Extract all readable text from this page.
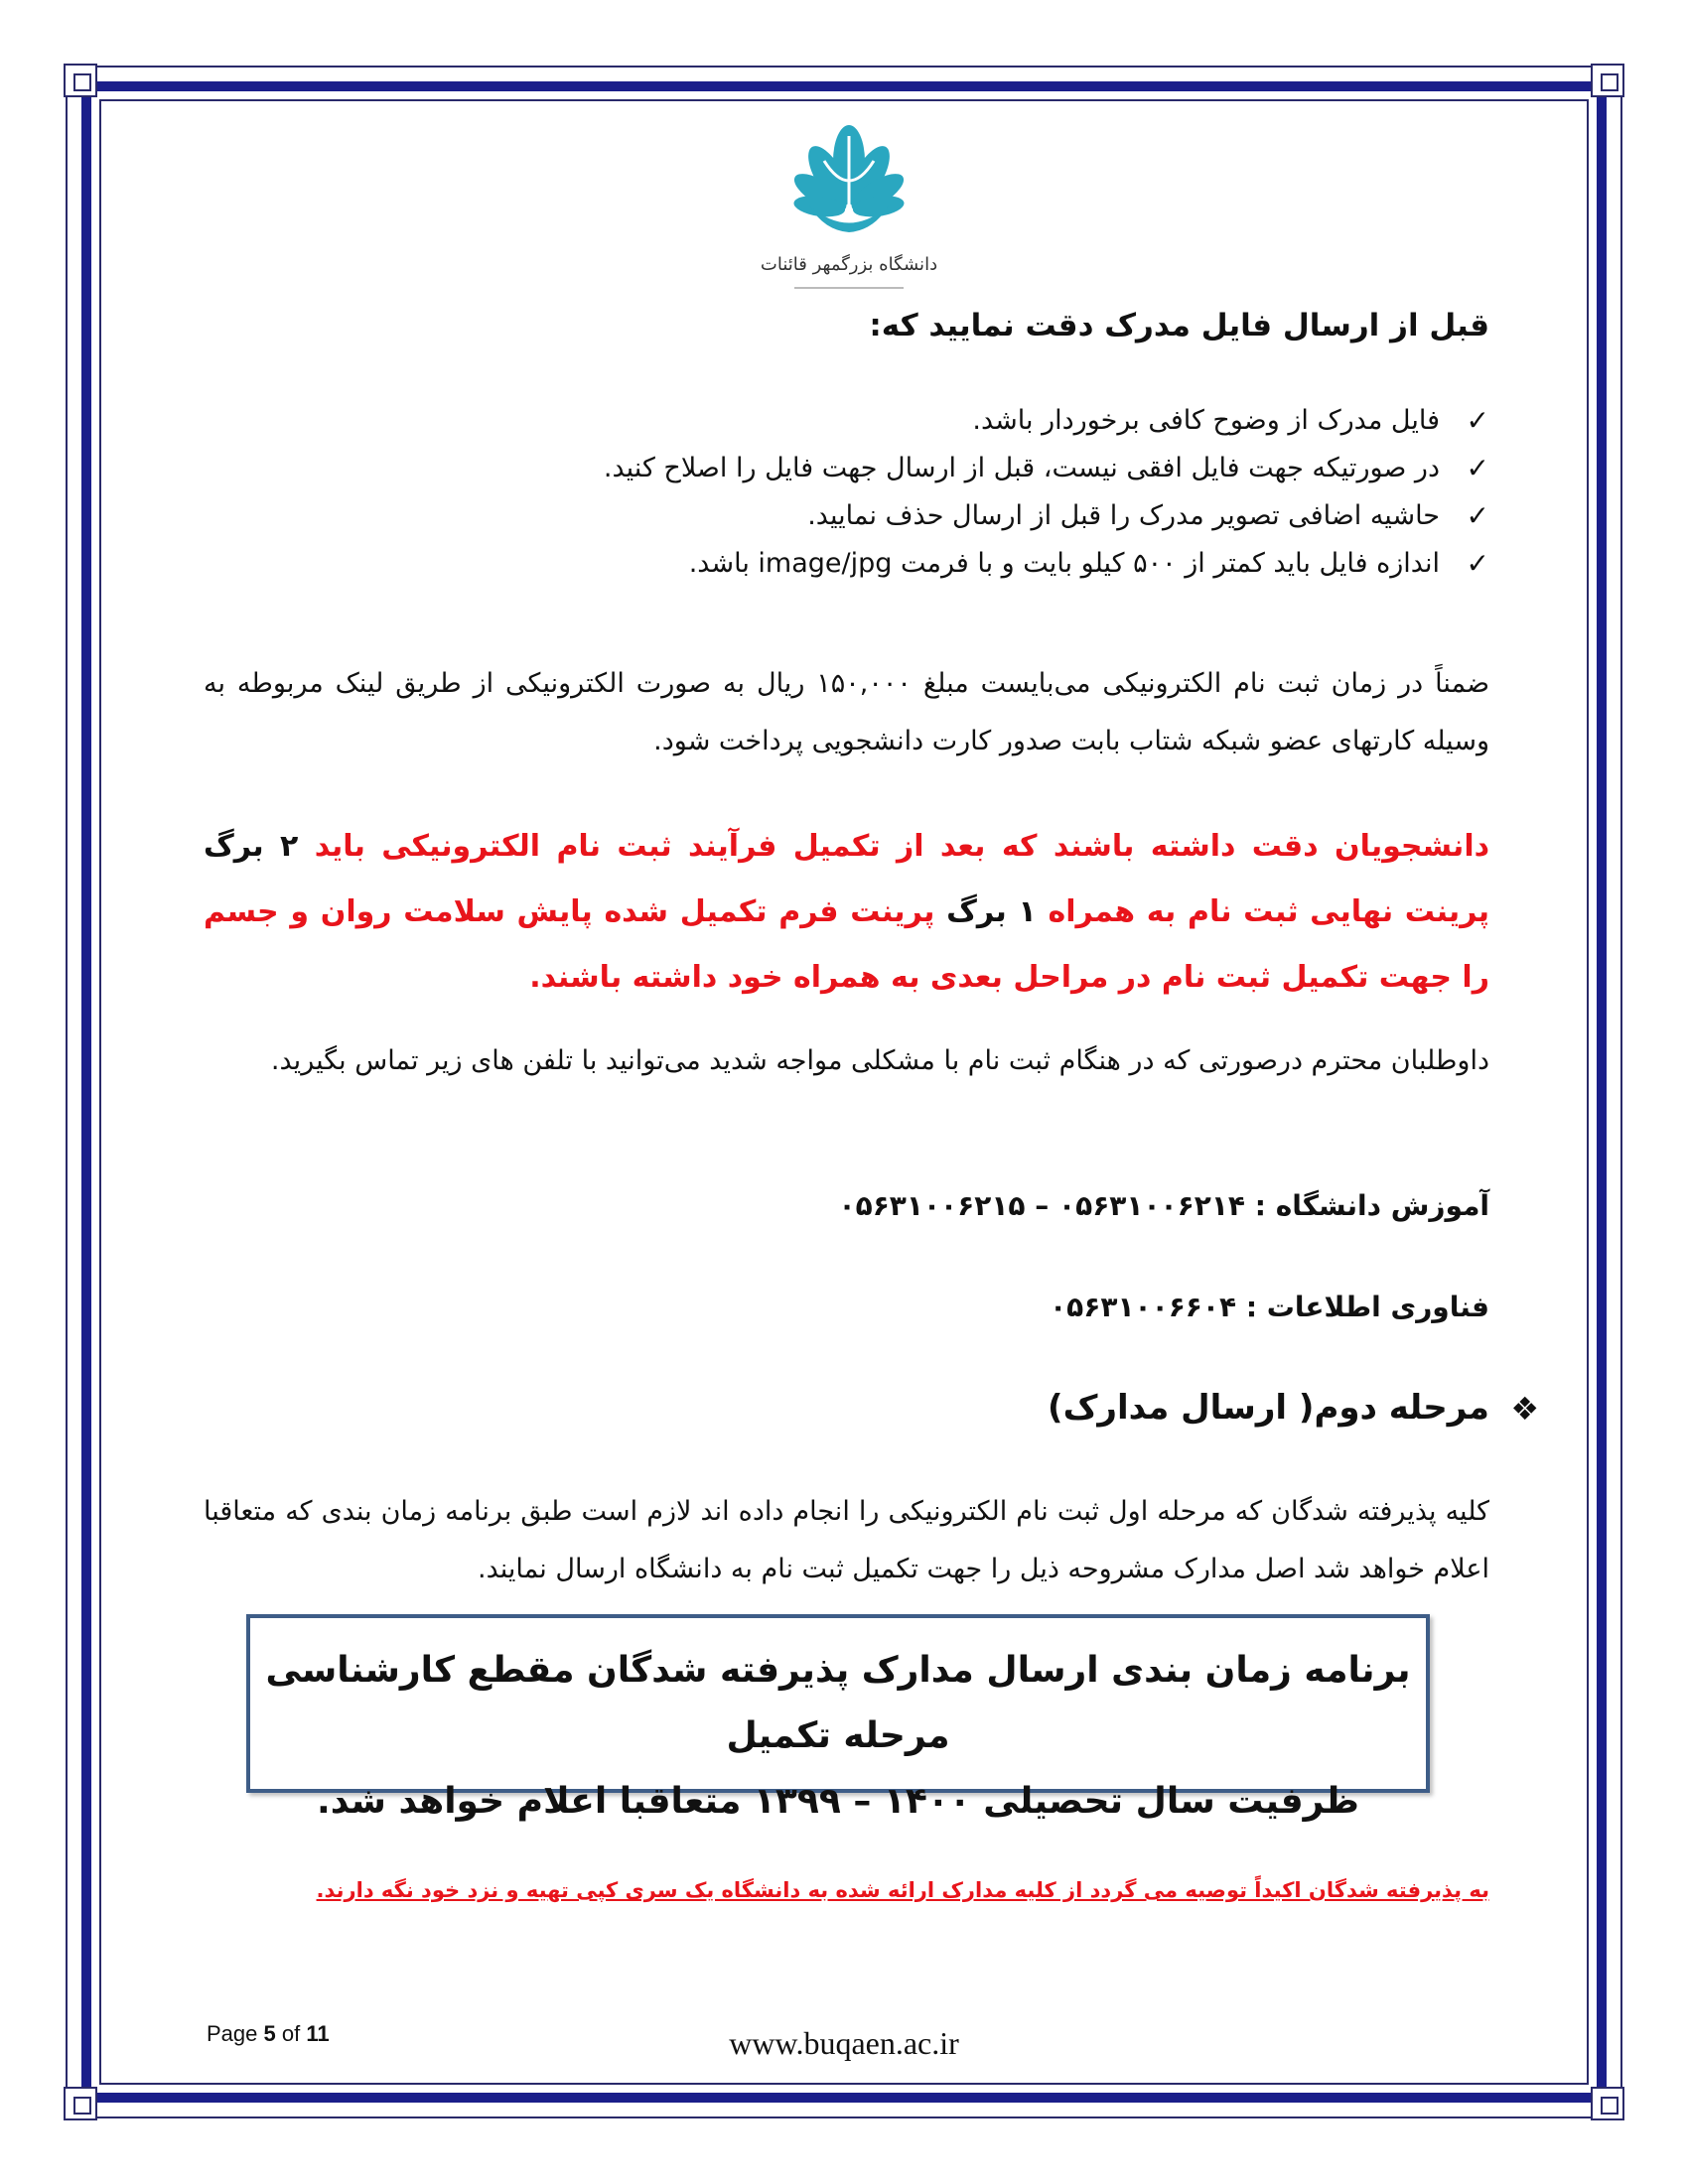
دانشگاه بزرگمهر قائنات
قبل از ارسال فایل مدرک دقت نمایید که:
✓
فایل مدرک از وضوح کافی برخوردار باشد.
✓
در صورتیکه جهت فایل افقی نیست، قبل از ارسال جهت فایل را اصلاح کنید.
✓
حاشیه اضافی تصویر مدرک را قبل از ارسال حذف نمایید.
✓
اندازه فایل باید کمتر از ۵۰۰ کیلو بایت و با فرمت image/jpg باشد.
ضمناً در زمان ثبت نام الکترونیکی می‌بایست مبلغ ۱۵۰,۰۰۰ ریال به صورت الکترونیکی از طریق لینک مربوطه به وسیله کارتهای عضو شبکه شتاب بابت صدور کارت دانشجویی پرداخت شود.
دانشجویان دقت داشته باشند که بعد از تکمیل فرآیند ثبت نام الکترونیکی باید ۲ برگ پرینت نهایی ثبت نام به همراه ۱ برگ پرینت فرم تکمیل شده پایش سلامت روان و جسم را جهت تکمیل ثبت نام در مراحل بعدی به همراه خود داشته باشند.
داوطلبان محترم درصورتی که در هنگام ثبت نام با مشکلی مواجه شدید می‌توانید با تلفن های زیر تماس بگیرید.
آموزش دانشگاه : ۰۵۶۳۱۰۰۶۲۱۴ – ۰۵۶۳۱۰۰۶۲۱۵
فناوری اطلاعات : ۰۵۶۳۱۰۰۶۶۰۴
❖
مرحله دوم( ارسال مدارک)
کلیه پذیرفته شدگان که مرحله اول ثبت نام الکترونیکی را انجام داده اند لازم است طبق برنامه زمان بندی که متعاقبا اعلام خواهد شد اصل مدارک مشروحه ذیل را جهت تکمیل ثبت نام به دانشگاه ارسال نمایند.
برنامه زمان بندی ارسال مدارک پذیرفته شدگان مقطع کارشناسی مرحله تکمیل
ظرفیت سال تحصیلی ۱۴۰۰ – ۱۳۹۹ متعاقبا اعلام خواهد شد.
به پذیرفته شدگان اکیداً توصیه می گردد از کلیه مدارک ارائه شده به دانشگاه یک سری کپی تهیه و نزد خود نگه دارند.
Page 5 of 11	www.buqaen.ac.ir
